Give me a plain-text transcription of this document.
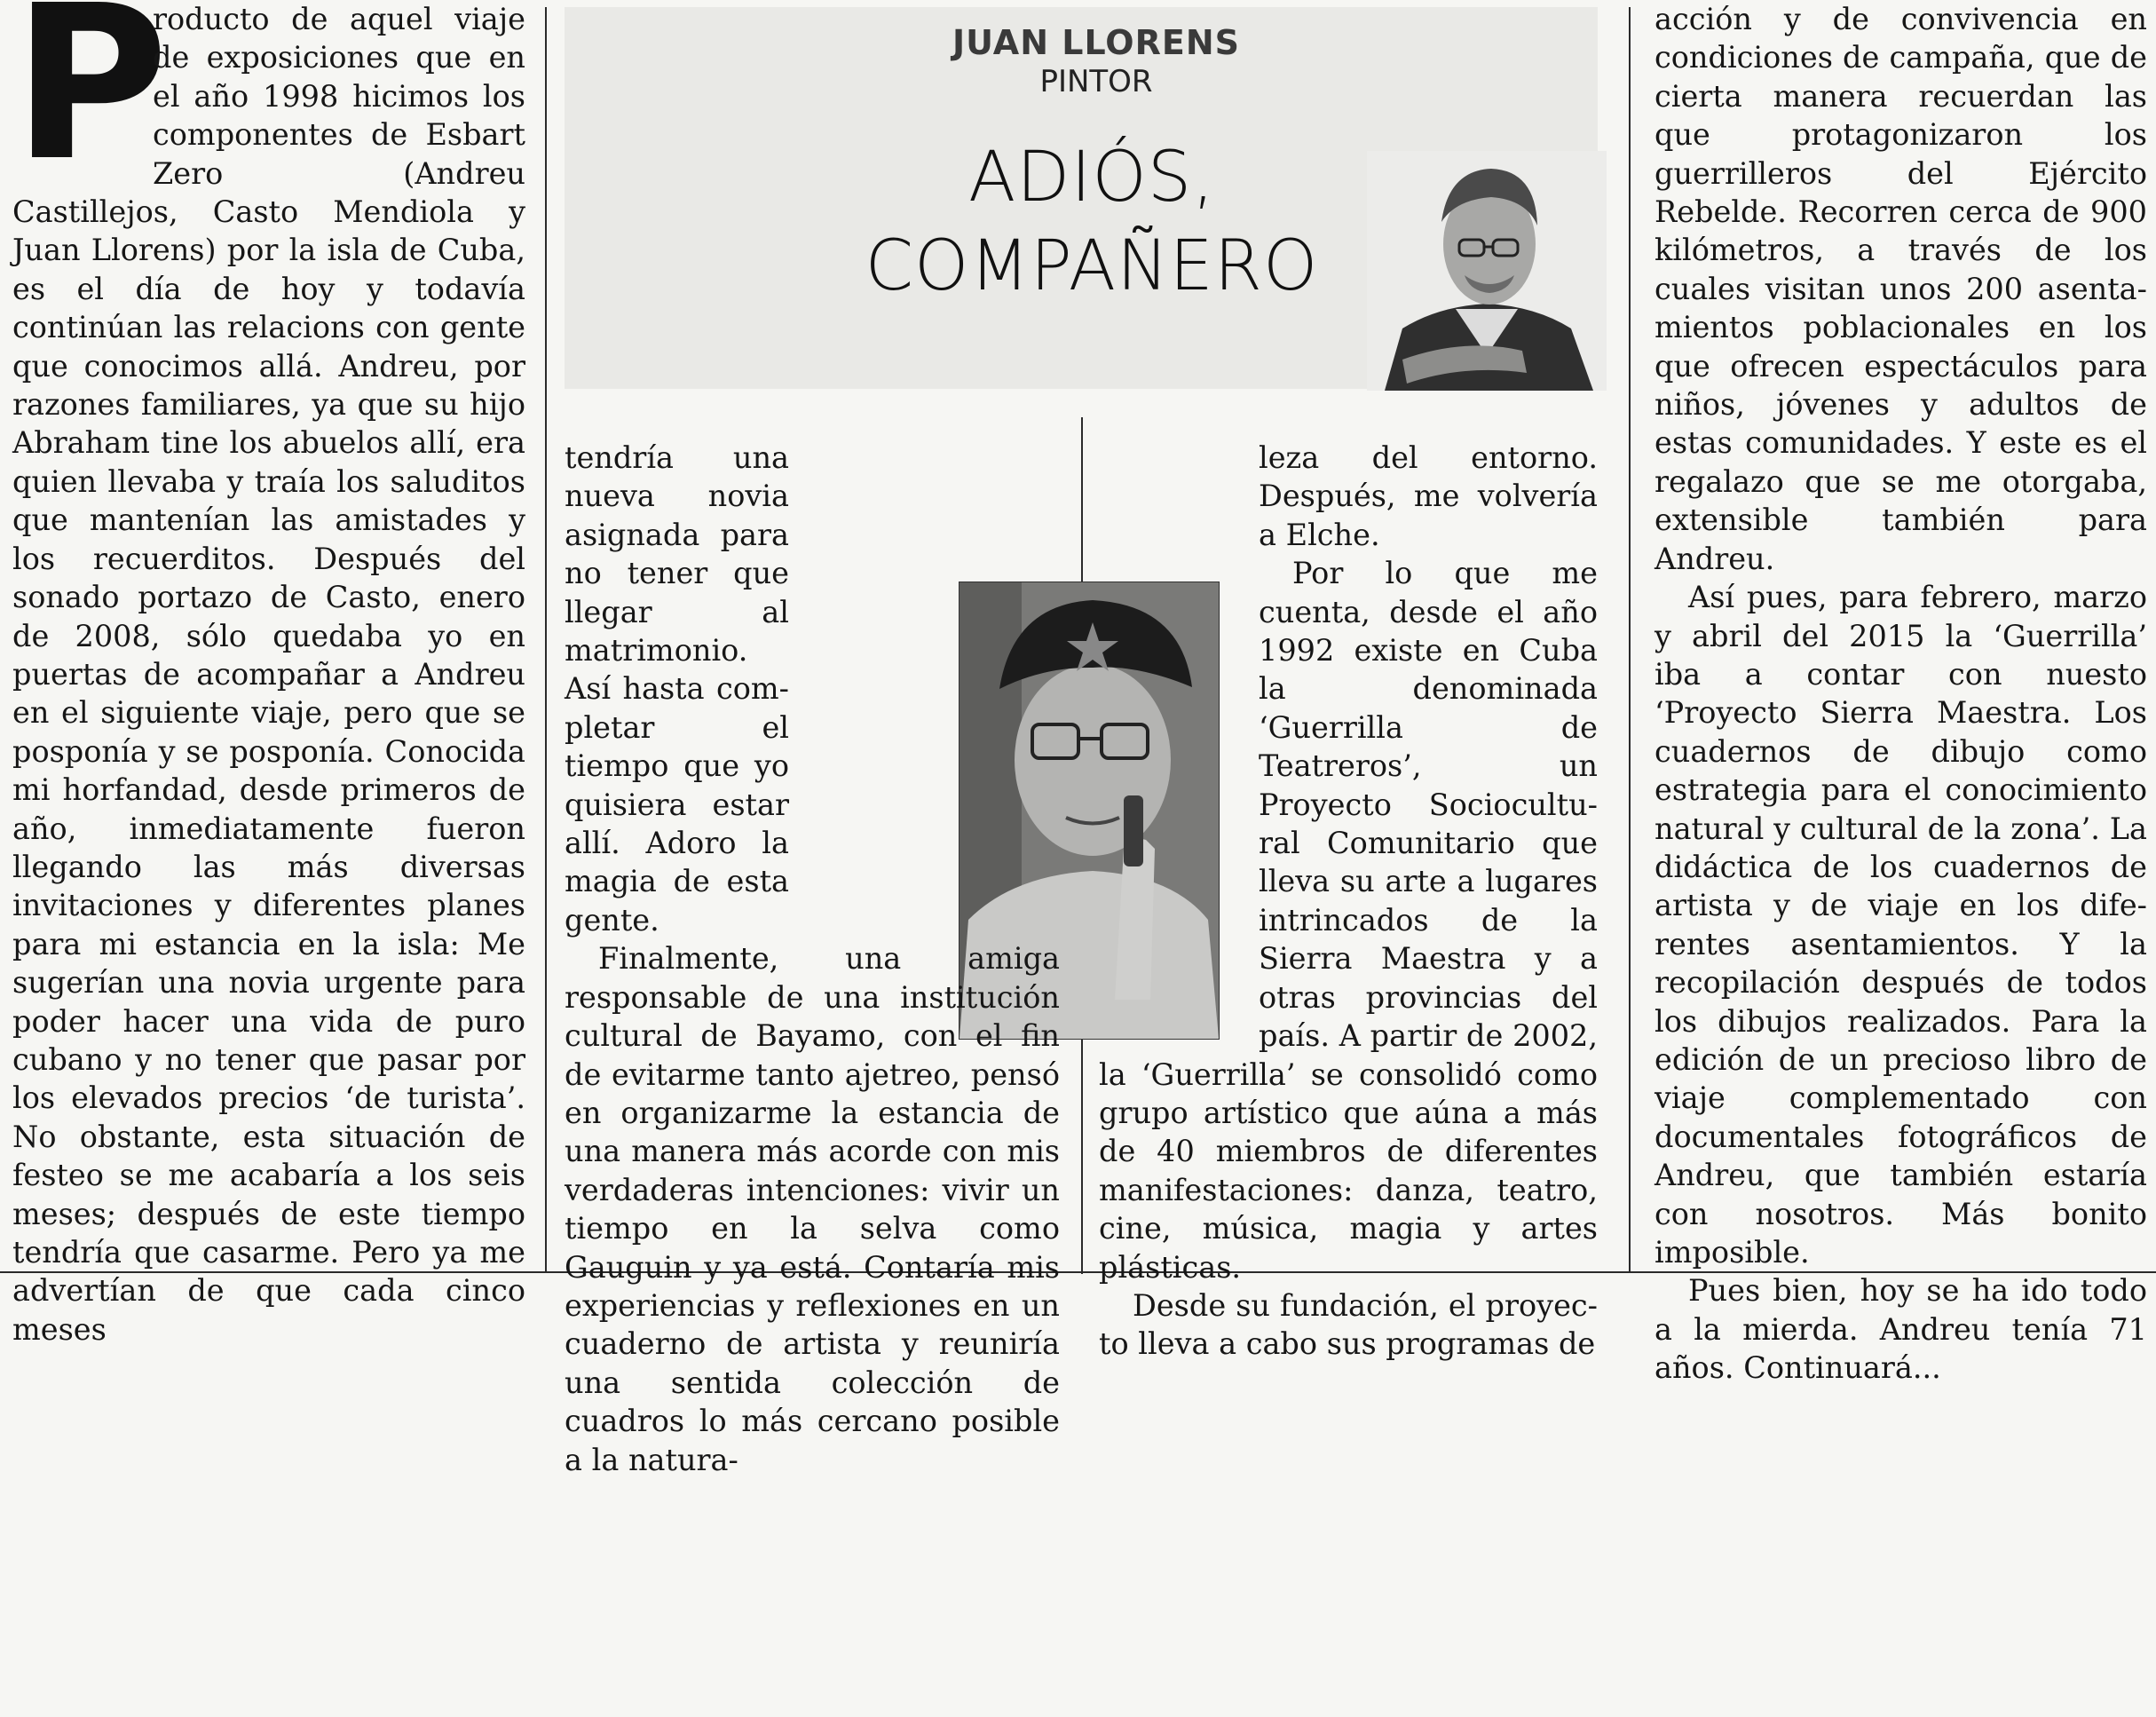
JUAN LLORENS
PINTOR
ADIÓS,
COMPAÑERO
P

roducto de aquel viaje de exposiciones que en el año 1998 hicimos los componentes de Esbart Zero (Andreu Castillejos, Casto Mendiola y Juan Llorens) por la isla de Cuba, es el día de hoy y todavía continúan las relacions con gente que conocimos allá. Andreu, por razones familiares, ya que su hijo Abraham tine los abuelos allí, era quien llevaba y traía los saluditos que mantenían las amistades y los recuerditos. Después del sonado portazo de Casto, enero de 2008, sólo quedaba yo en puertas de acompañar a Andreu en el siguiente viaje, pero que se posponía y se posponía. Conocida mi horfandad, desde primeros de año, inmediatamente fueron llegando las más diversas invitaciones y diferentes planes para mi estancia en la isla: Me sugerían una novia urgente para poder hacer una vida de puro cubano y no tener que pasar por los elevados precios ‘de turista’. No obstante, esta situación de festeo se me acabaría a los seis meses; después de este tiempo tendría que casarme. Pero ya me advertían de que cada cinco meses

tendría una nueva novia asignada para no tener que llegar al matrimonio. Así hasta completar el tiempo que yo quisiera estar allí. Adoro la magia de esta gente.

Finalmente, una amiga responsable de una institución cultural de Bayamo, con el fin de evitarme tanto ajetreo, pensó en organizarme la estancia de una manera más acorde con mis verdaderas intenciones: vivir un tiempo en la selva como Gauguin y ya está. Contaría mis experiencias y reflexiones en un cuaderno de artista y reuniría una sentida colección de cuadros lo más cercano posible a la natura-

leza del entorno. Después, me volvería a Elche.

Por lo que me cuenta, desde el año 1992 existe en Cuba la denominada ‘Guerrilla de Teatreros’, un Proyecto Sociocultural Comunitario que lleva su arte a lugares intrincados de la Sierra Maestra y a otras provincias del país. A partir de 2002, la ‘Guerrilla’ se consolidó como grupo artístico que aúna a más de 40 miembros de diferentes manifestaciones: danza, teatro, cine, música, magia y artes plásticas.

Desde su fundación, el proyecto lleva a cabo sus programas de

acción y de convivencia en condiciones de campaña, que de cierta manera recuerdan las que protagonizaron los guerrilleros del Ejército Rebelde. Recorren cerca de 900 kilómetros, a través de los cuales visitan unos 200 asentamientos poblacionales en los que ofrecen espectáculos para niños, jóvenes y adultos de estas comunidades. Y este es el regalazo que se me otorgaba, extensible también para Andreu.

Así pues, para febrero, marzo y abril del 2015 la ‘Guerrilla’ iba a contar con nuesto ‘Proyecto Sierra Maestra. Los cuadernos de dibujo como estrategia para el conocimiento natural y cultural de la zona’. La didáctica de los cuadernos de artista y de viaje en los diferentes asentamientos. Y la recopilación después de todos los dibujos realizados. Para la edición de un precioso libro de viaje complementado con documentales fotográficos de Andreu, que también estaría con nosotros. Más bonito imposible.

Pues bien, hoy se ha ido todo a la mierda. Andreu tenía 71 años. Continuará...
